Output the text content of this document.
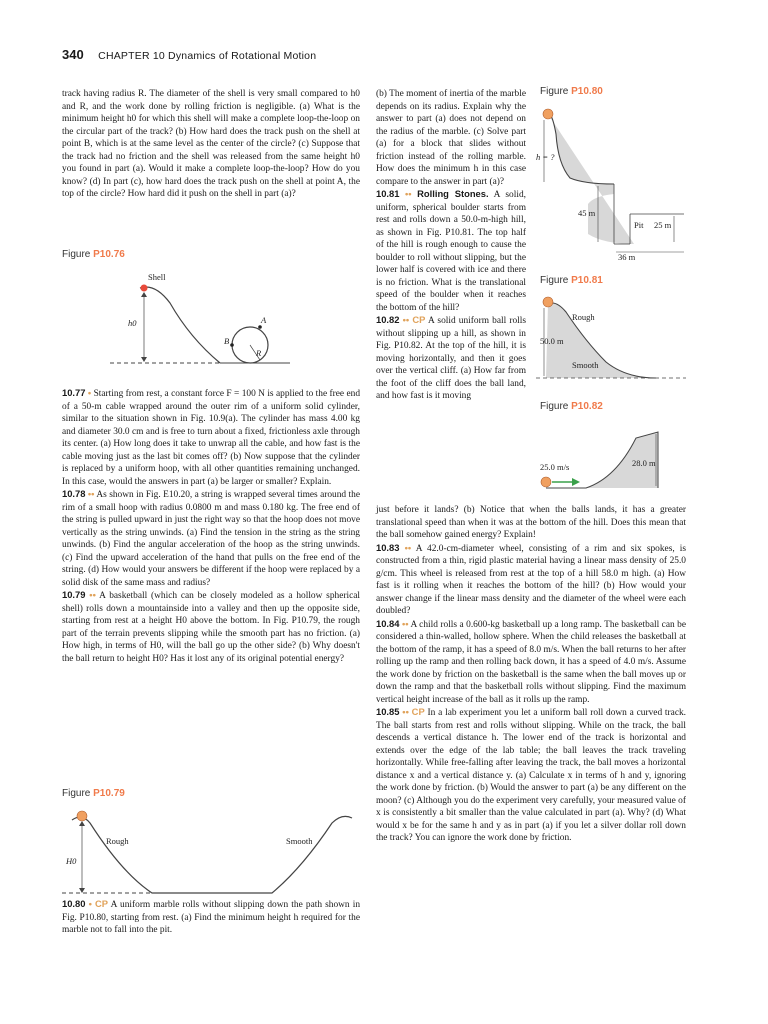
340 CHAPTER 10 Dynamics of Rotational Motion

track having radius R. The diameter of the shell is very small compared to h0 and R, and the work done by rolling friction is negligible. (a) What is the minimum height h0 for which this shell will make a complete loop-the-loop on the circular part of the track? (b) How hard does the track push on the shell at point B, which is at the same level as the center of the circle? (c) Suppose that the track had no friction and the shell was released from the same height h0 you found in part (a). Would it make a complete loop-the-loop? How do you know? (d) In part (c), how hard does the track push on the shell at point A, the top of the circle? How hard did it push on the shell in part (a)?

Figure P10.76
Shell
h0	A
B
R

10.77 • Starting from rest, a constant force F = 100 N is applied to the free end of a 50-m cable wrapped around the outer rim of a uniform solid cylinder, similar to the situation shown in Fig. 10.9(a). The cylinder has mass 4.00 kg and diameter 30.0 cm and is free to turn about a fixed, frictionless axle through its center. (a) How long does it take to unwrap all the cable, and how fast is the cable moving just as the last bit comes off? (b) Now suppose that the cylinder is replaced by a uniform hoop, with all other quantities remaining unchanged. In this case, would the answers in part (a) be larger or smaller? Explain.

10.78 •• As shown in Fig. E10.20, a string is wrapped several times around the rim of a small hoop with radius 0.0800 m and mass 0.180 kg. The free end of the string is pulled upward in just the right way so that the hoop does not move vertically as the string unwinds. (a) Find the tension in the string as the string unwinds. (b) Find the angular acceleration of the hoop as the string unwinds. (c) Find the upward acceleration of the hand that pulls on the free end of the string. (d) How would your answers be different if the hoop were replaced by a solid disk of the same mass and radius?

10.79 •• A basketball (which can be closely modeled as a hollow spherical shell) rolls down a mountainside into a valley and then up the opposite side, starting from rest at a height H0 above the bottom. In Fig. P10.79, the rough part of the terrain prevents slipping while the smooth part has no friction. (a) How high, in terms of H0, will the ball go up the other side? (b) Why doesn't the ball return to height H0? Has it lost any of its original potential energy?

Figure P10.79
Rough	Smooth
H0

10.80 • CP A uniform marble rolls without slipping down the path shown in Fig. P10.80, starting from rest. (a) Find the minimum height h required for the marble not to fall into the pit.

(b) The moment of inertia of the marble depends on its radius. Explain why the answer to part (a) does not depend on the radius of the marble. (c) Solve part (a) for a block that slides without friction instead of the rolling marble. How does the minimum h in this case compare to the answer in part (a)?

10.81 •• Rolling Stones. A solid, uniform, spherical boulder starts from rest and rolls down a 50.0-m-high hill, as shown in Fig. P10.81. The top half of the hill is rough enough to cause the boulder to roll without slipping, but the lower half is covered with ice and there is no friction. What is the translational speed of the boulder when it reaches the bottom of the hill?

10.82 •• CP A solid uniform ball rolls without slipping up a hill, as shown in Fig. P10.82. At the top of the hill, it is moving horizontally, and then it goes over the vertical cliff. (a) How far from the foot of the cliff does the ball land, and how fast is it moving

Figure P10.80
h = ?
45 m
Pit 25 m
36 m
Figure P10.81
Rough
Smooth
50.0 m
Figure P10.82
25.0 m/s	28.0 m

just before it lands? (b) Notice that when the balls lands, it has a greater translational speed than when it was at the bottom of the hill. Does this mean that the ball somehow gained energy? Explain!

10.83 •• A 42.0-cm-diameter wheel, consisting of a rim and six spokes, is constructed from a thin, rigid plastic material having a linear mass density of 25.0 g/cm. This wheel is released from rest at the top of a hill 58.0 m high. (a) How fast is it rolling when it reaches the bottom of the hill? (b) How would your answer change if the linear mass density and the diameter of the wheel were each doubled?

10.84 •• A child rolls a 0.600-kg basketball up a long ramp. The basketball can be considered a thin-walled, hollow sphere. When the child releases the basketball at the bottom of the ramp, it has a speed of 8.0 m/s. When the ball returns to her after rolling up the ramp and then rolling back down, it has a speed of 4.0 m/s. Assume the work done by friction on the basketball is the same when the ball moves up or down the ramp and that the basketball rolls without slipping. Find the maximum vertical height increase of the ball as it rolls up the ramp.

10.85 •• CP In a lab experiment you let a uniform ball roll down a curved track. The ball starts from rest and rolls without slipping. While on the track, the ball descends a vertical distance h. The lower end of the track is horizontal and extends over the edge of the lab table; the ball leaves the track traveling horizontally. While free-falling after leaving the track, the ball moves a horizontal distance x and a vertical distance y. (a) Calculate x in terms of h and y, ignoring the work done by friction. (b) Would the answer to part (a) be any different on the moon? (c) Although you do the experiment very carefully, your measured value of x is consistently a bit smaller than the value calculated in part (a). Why? (d) What would x be for the same h and y as in part (a) if you let a silver dollar roll down the track? You can ignore the work done by friction.
